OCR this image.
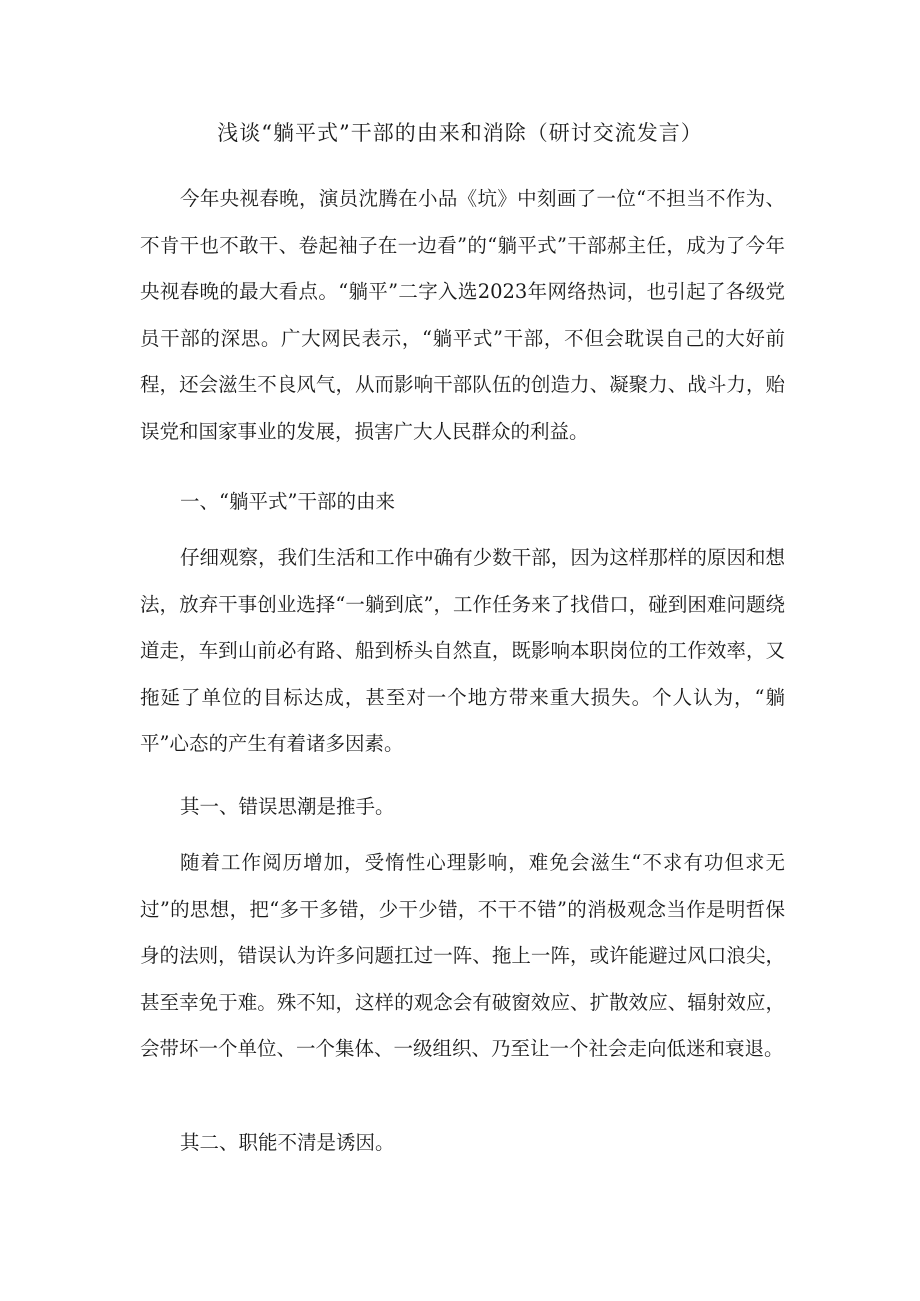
浅谈“躺平式”干部的由来和消除（研讨交流发言）

今年央视春晚，演员沈腾在小品《坑》中刻画了一位“不担当不作为、不肯干也不敢干、卷起袖子在一边看”的“躺平式”干部郝主任，成为了今年央视春晚的最大看点。“躺平”二字入选2023年网络热词，也引起了各级党员干部的深思。广大网民表示，“躺平式”干部，不但会耽误自己的大好前程，还会滋生不良风气，从而影响干部队伍的创造力、凝聚力、战斗力，贻误党和国家事业的发展，损害广大人民群众的利益。

一、“躺平式”干部的由来

仔细观察，我们生活和工作中确有少数干部，因为这样那样的原因和想法，放弃干事创业选择“一躺到底”，工作任务来了找借口，碰到困难问题绕道走，车到山前必有路、船到桥头自然直，既影响本职岗位的工作效率，又拖延了单位的目标达成，甚至对一个地方带来重大损失。个人认为，“躺平”心态的产生有着诸多因素。

其一、错误思潮是推手。

随着工作阅历增加，受惰性心理影响，难免会滋生“不求有功但求无过”的思想，把“多干多错，少干少错，不干不错”的消极观念当作是明哲保身的法则，错误认为许多问题扛过一阵、拖上一阵，或许能避过风口浪尖，甚至幸免于难。殊不知，这样的观念会有破窗效应、扩散效应、辐射效应，会带坏一个单位、一个集体、一级组织、乃至让一个社会走向低迷和衰退。

其二、职能不清是诱因。
